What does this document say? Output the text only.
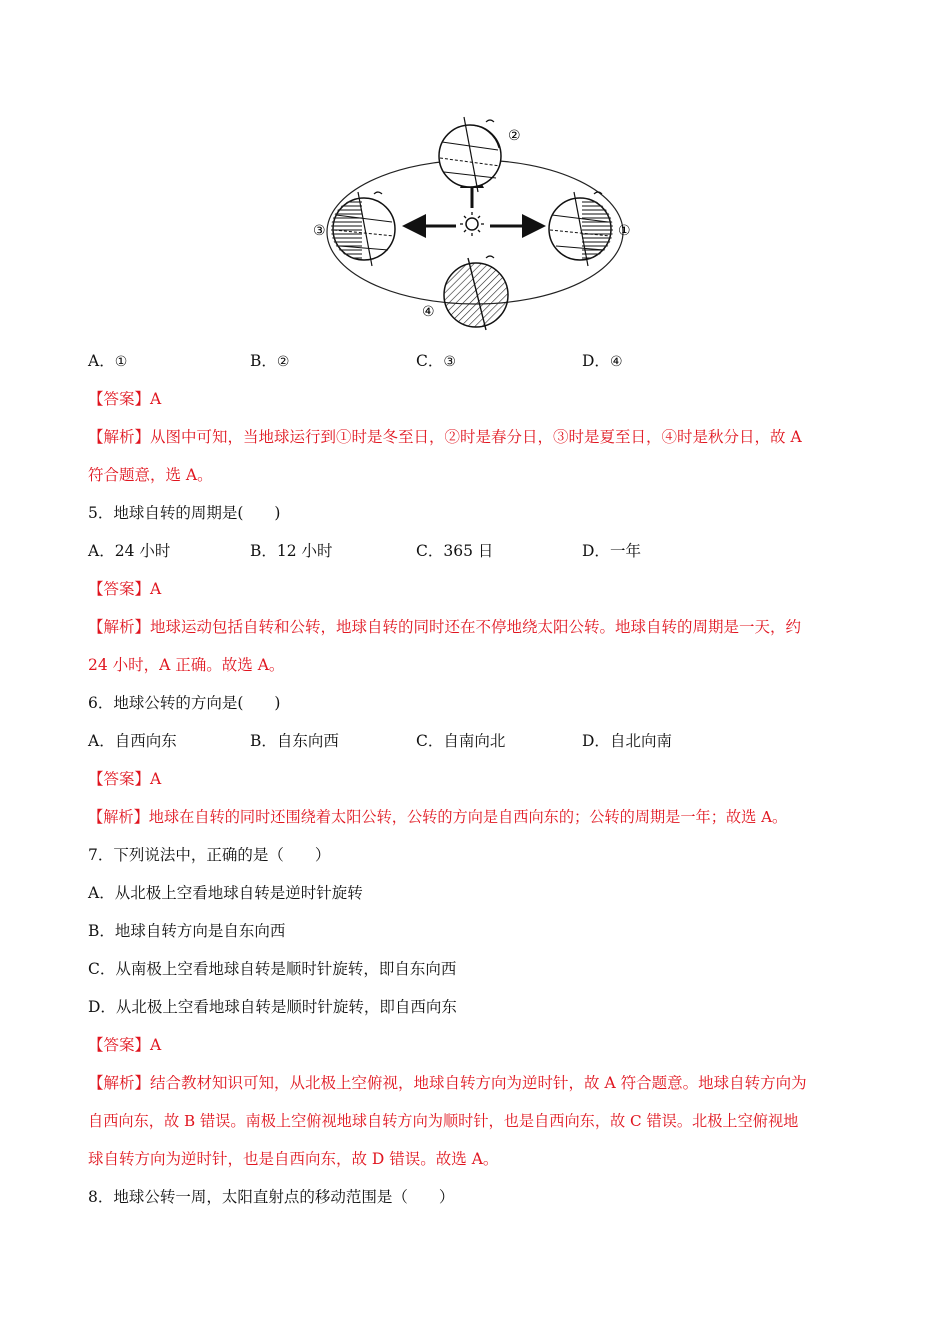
②
①
③
④
A．①	B．②	C．③	D．④
【答案】A
【解析】从图中可知，当地球运行到①时是冬至日，②时是春分日，③时是夏至日，④时是秋分日，故 A
符合题意，选 A。
5．地球自转的周期是(　　)
A．24 小时	B．12 小时	C．365 日	D．一年
【答案】A
【解析】地球运动包括自转和公转，地球自转的同时还在不停地绕太阳公转。地球自转的周期是一天，约
24 小时，A 正确。故选 A。
6．地球公转的方向是(　　)
A．自西向东	B．自东向西	C．自南向北	D．自北向南
【答案】A
【解析】地球在自转的同时还围绕着太阳公转，公转的方向是自西向东的；公转的周期是一年；故选 A。
7．下列说法中，正确的是（　　）
A．从北极上空看地球自转是逆时针旋转
B．地球自转方向是自东向西
C．从南极上空看地球自转是顺时针旋转，即自东向西
D．从北极上空看地球自转是顺时针旋转，即自西向东
【答案】A
【解析】结合教材知识可知，从北极上空俯视，地球自转方向为逆时针，故 A 符合题意。地球自转方向为
自西向东，故 B 错误。南极上空俯视地球自转方向为顺时针，也是自西向东，故 C 错误。北极上空俯视地
球自转方向为逆时针，也是自西向东，故 D 错误。故选 A。
8．地球公转一周，太阳直射点的移动范围是（　　）
